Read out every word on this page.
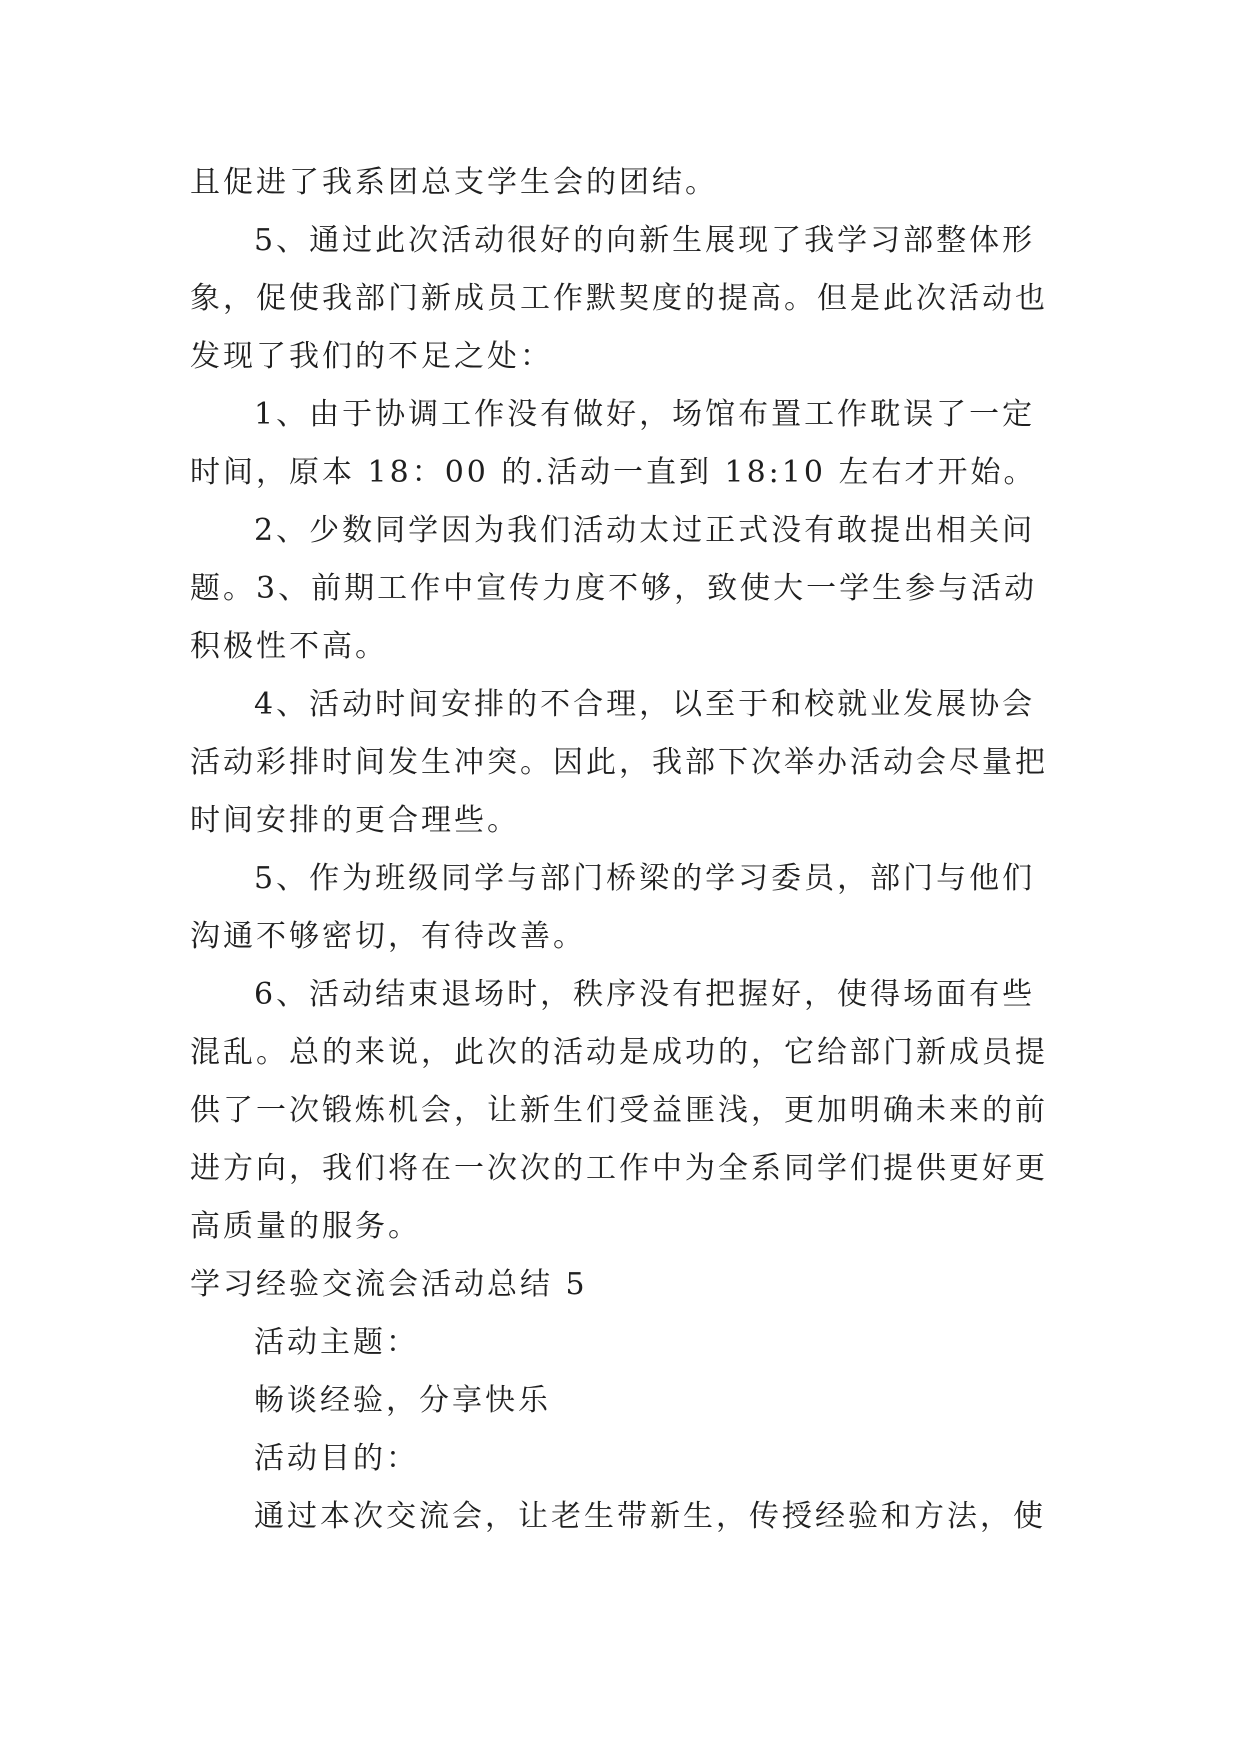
且促进了我系团总支学生会的团结。

5、通过此次活动很好的向新生展现了我学习部整体形

象，促使我部门新成员工作默契度的提高。但是此次活动也

发现了我们的不足之处：

1、由于协调工作没有做好，场馆布置工作耽误了一定

时间，原本 18：00 的.活动一直到 18:10 左右才开始。

2、少数同学因为我们活动太过正式没有敢提出相关问

题。3、前期工作中宣传力度不够，致使大一学生参与活动

积极性不高。

4、活动时间安排的不合理，以至于和校就业发展协会

活动彩排时间发生冲突。因此，我部下次举办活动会尽量把

时间安排的更合理些。

5、作为班级同学与部门桥梁的学习委员，部门与他们

沟通不够密切，有待改善。

6、活动结束退场时，秩序没有把握好，使得场面有些

混乱。总的来说，此次的活动是成功的，它给部门新成员提

供了一次锻炼机会，让新生们受益匪浅，更加明确未来的前

进方向，我们将在一次次的工作中为全系同学们提供更好更

高质量的服务。

学习经验交流会活动总结 5

活动主题：

畅谈经验，分享快乐

活动目的：

通过本次交流会，让老生带新生，传授经验和方法，使
